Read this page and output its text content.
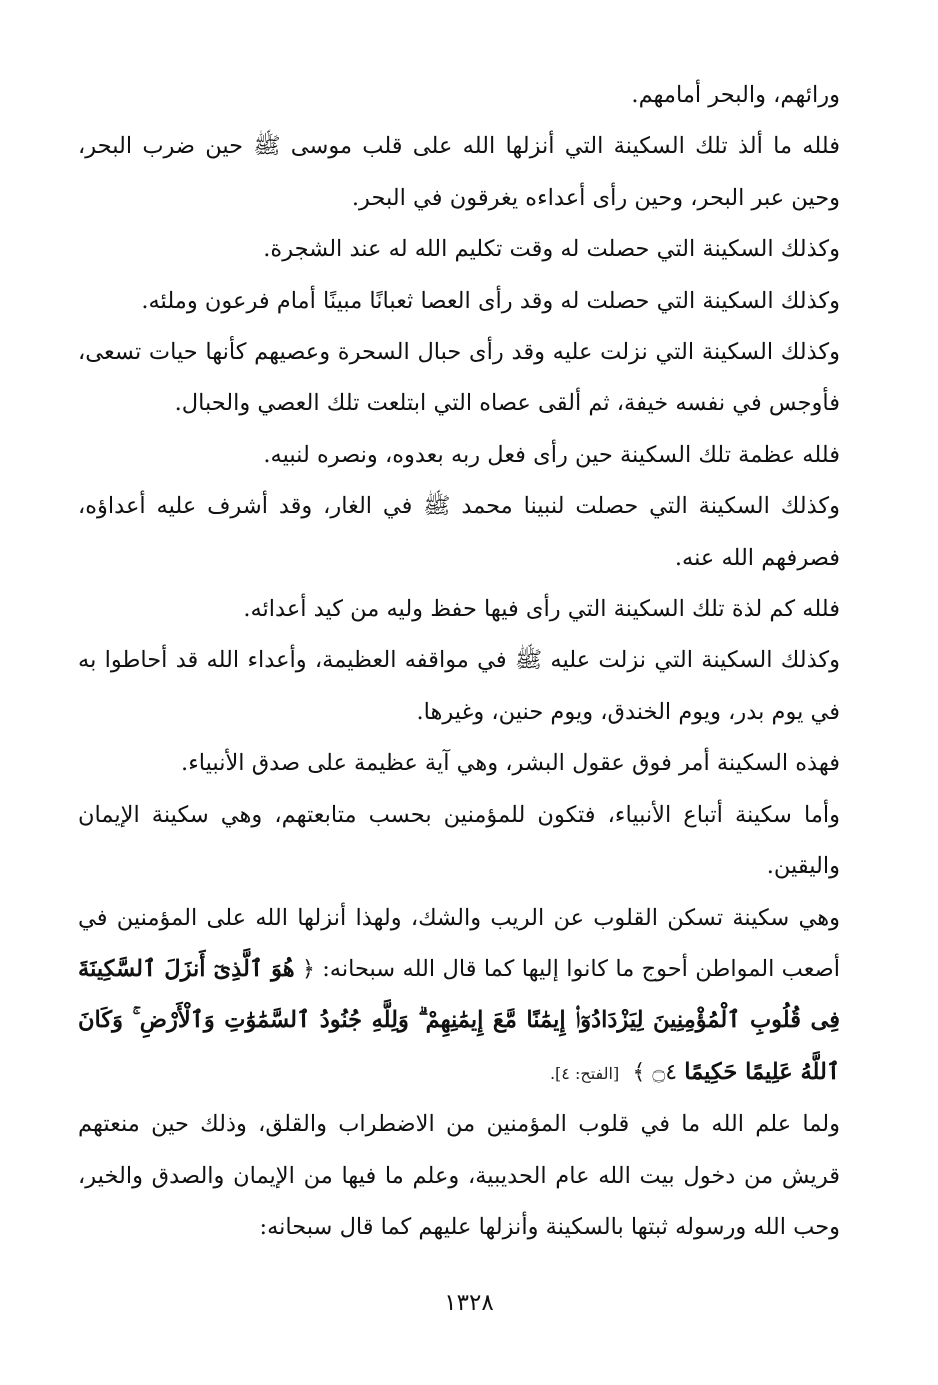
ورائهم، والبحر أمامهم.

فلله ما ألذ تلك السكينة التي أنزلها الله على قلب موسى ﷺ حين ضرب البحر، وحين عبر البحر، وحين رأى أعداءه يغرقون في البحر.

وكذلك السكينة التي حصلت له وقت تكليم الله له عند الشجرة.

وكذلك السكينة التي حصلت له وقد رأى العصا ثعبانًا مبينًا أمام فرعون وملئه.

وكذلك السكينة التي نزلت عليه وقد رأى حبال السحرة وعصيهم كأنها حيات تسعى، فأوجس في نفسه خيفة، ثم ألقى عصاه التي ابتلعت تلك العصي والحبال.

فلله عظمة تلك السكينة حين رأى فعل ربه بعدوه، ونصره لنبيه.

وكذلك السكينة التي حصلت لنبينا محمد ﷺ في الغار، وقد أشرف عليه أعداؤه، فصرفهم الله عنه.

فلله كم لذة تلك السكينة التي رأى فيها حفظ وليه من كيد أعدائه.

وكذلك السكينة التي نزلت عليه ﷺ في مواقفه العظيمة، وأعداء الله قد أحاطوا به في يوم بدر، ويوم الخندق، ويوم حنين، وغيرها.

فهذه السكينة أمر فوق عقول البشر، وهي آية عظيمة على صدق الأنبياء.

وأما سكينة أتباع الأنبياء، فتكون للمؤمنين بحسب متابعتهم، وهي سكينة الإيمان واليقين.

وهي سكينة تسكن القلوب عن الريب والشك، ولهذا أنزلها الله على المؤمنين في أصعب المواطن أحوج ما كانوا إليها كما قال الله سبحانه: ﴿ هُوَ ٱلَّذِىٓ أَنزَلَ ٱلسَّكِينَةَ فِى قُلُوبِ ٱلْمُؤْمِنِينَ لِيَزْدَادُوٓا۟ إِيمَٰنًا مَّعَ إِيمَٰنِهِمْ ۗ وَلِلَّهِ جُنُودُ ٱلسَّمَٰوَٰتِ وَٱلْأَرْضِ ۚ وَكَانَ ٱللَّهُ عَلِيمًا حَكِيمًا ۝٤ ﴾ [الفتح: ٤].

ولما علم الله ما في قلوب المؤمنين من الاضطراب والقلق، وذلك حين منعتهم قريش من دخول بيت الله عام الحديبية، وعلم ما فيها من الإيمان والصدق والخير، وحب الله ورسوله ثبتها بالسكينة وأنزلها عليهم كما قال سبحانه:

١٣٢٨
